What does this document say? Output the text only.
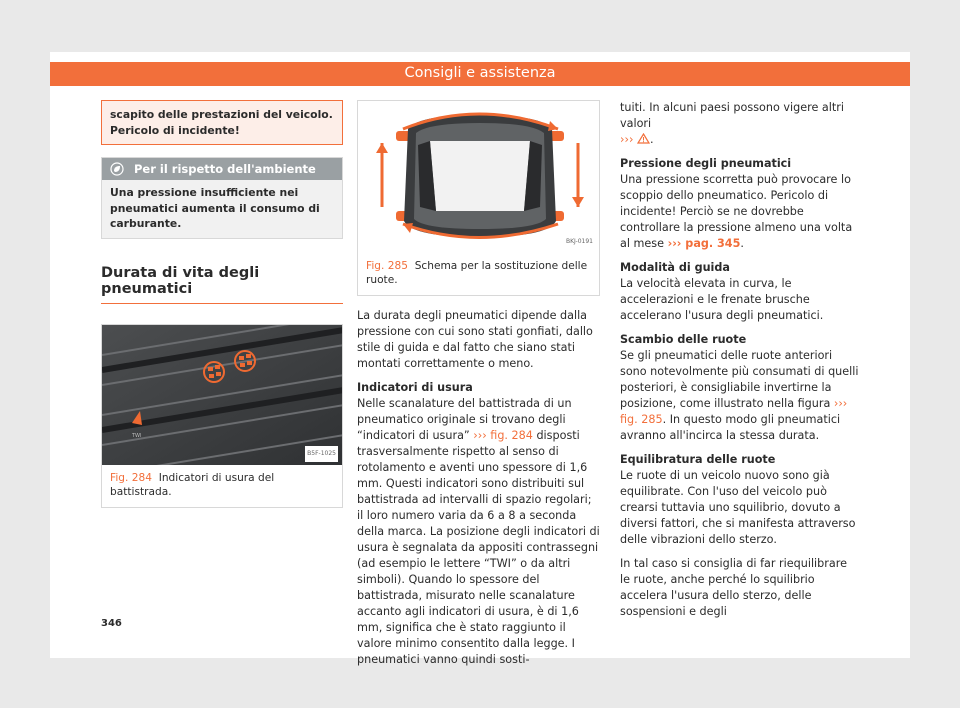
Consigli e assistenza
scapito delle prestazioni del veicolo. Pericolo di incidente!
Per il rispetto dell'ambiente
Una pressione insufficiente nei pneumatici aumenta il consumo di carburante.
Durata di vita degli pneumatici
TWI
B5F-1025
Fig. 284 Indicatori di usura del battistrada.
BKJ-0191
Fig. 285 Schema per la sostituzione delle ruote.

La durata degli pneumatici dipende dalla pressione con cui sono stati gonfiati, dallo stile di guida e dal fatto che siano stati montati correttamente o meno.

Indicatori di usura

Nelle scanalature del battistrada di un pneumatico originale si trovano degli “indicatori di usura” ››› fig. 284 disposti trasversalmente rispetto al senso di rotolamento e aventi uno spessore di 1,6 mm. Questi indicatori sono distribuiti sul battistrada ad intervalli di spazio regolari; il loro numero varia da 6 a 8 a seconda della marca. La posizione degli indicatori di usura è segnalata da appositi contrassegni (ad esempio le lettere “TWI” o da altri simboli). Quando lo spessore del battistrada, misurato nelle scanalature accanto agli indicatori di usura, è di 1,6 mm, significa che è stato raggiunto il valore minimo consentito dalla legge. I pneumatici vanno quindi sosti-

tuiti. In alcuni paesi possono vigere altri valori
››› .

Pressione degli pneumatici

Una pressione scorretta può provocare lo scoppio dello pneumatico. Pericolo di incidente! Perciò se ne dovrebbe controllare la pressione almeno una volta al mese ››› pag. 345.

Modalità di guida

La velocità elevata in curva, le accelerazioni e le frenate brusche accelerano l'usura degli pneumatici.

Scambio delle ruote

Se gli pneumatici delle ruote anteriori sono notevolmente più consumati di quelli posteriori, è consigliabile invertirne la posizione, come illustrato nella figura ››› fig. 285. In questo modo gli pneumatici avranno all'incirca la stessa durata.

Equilibratura delle ruote

Le ruote di un veicolo nuovo sono già equilibrate. Con l'uso del veicolo può crearsi tuttavia uno squilibrio, dovuto a diversi fattori, che si manifesta attraverso delle vibrazioni dello sterzo.

In tal caso si consiglia di far riequilibrare le ruote, anche perché lo squilibrio accelera l'usura dello sterzo, delle sospensioni e degli

346
